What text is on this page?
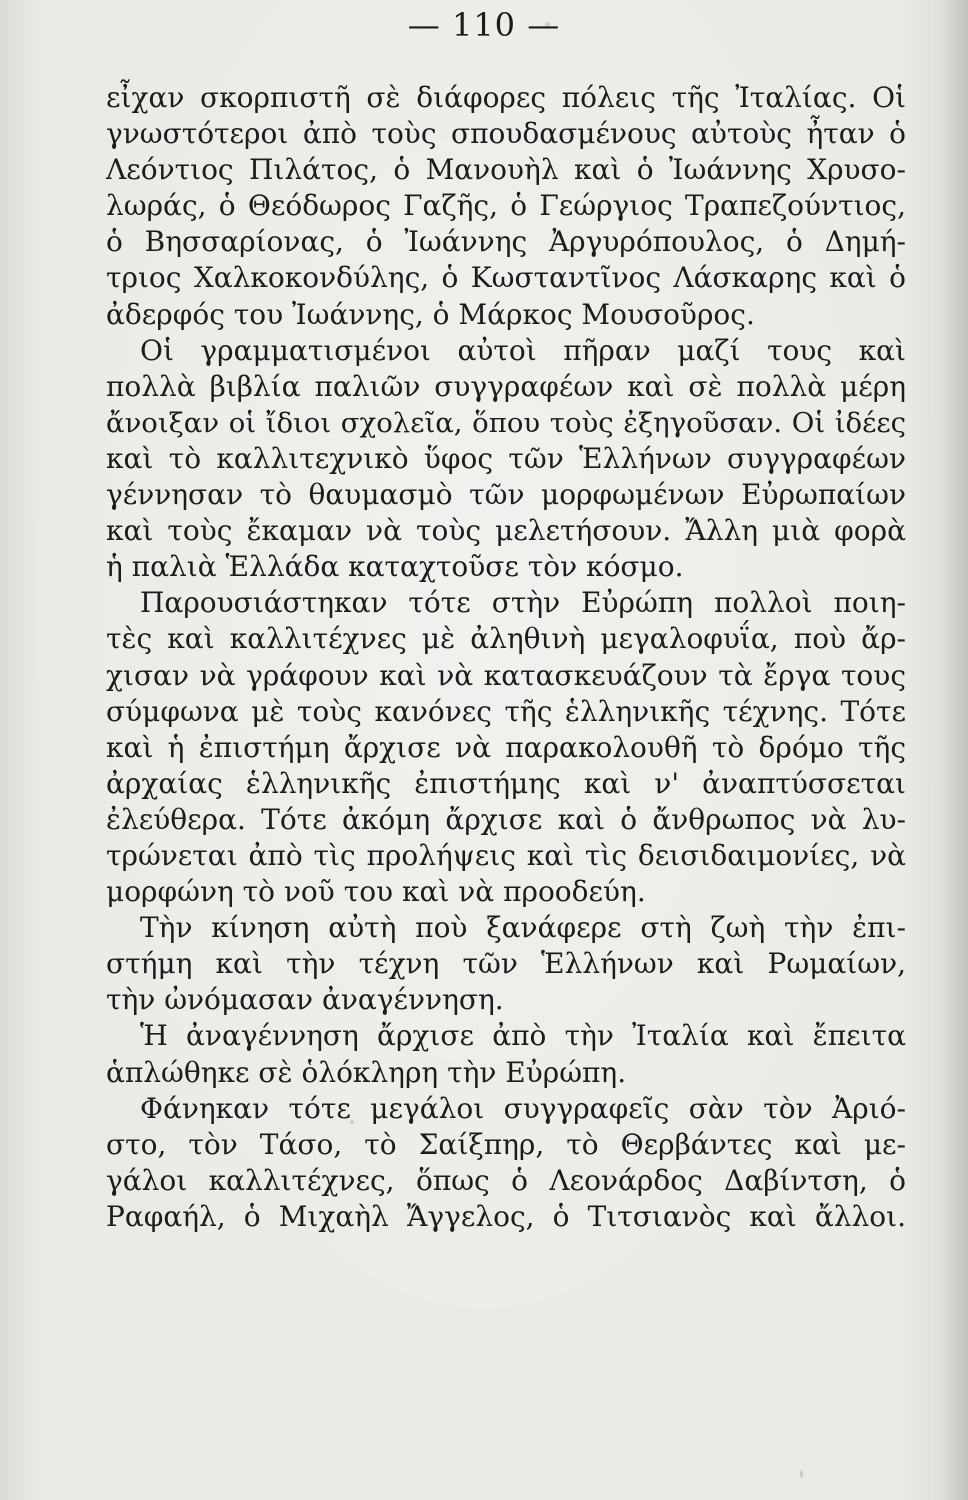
— 110 —
εἶχαν σκορπιστῆ σὲ διάφορες πόλεις τῆς Ἰταλίας. Οἱ
γνωστότεροι ἀπὸ τοὺς σπουδασμένους αὐτοὺς ἦταν ὁ
Λεόντιος Πιλάτος, ὁ Μανουὴλ καὶ ὁ Ἰωάννης Χρυσο-
λωράς, ὁ Θεόδωρος Γαζῆς, ὁ Γεώργιος Τραπεζούντιος,
ὁ Βησσαρίονας, ὁ Ἰωάννης Ἀργυρόπουλος, ὁ Δημή-
τριος Χαλκοκονδύλης, ὁ Κωσταντῖνος Λάσκαρης καὶ ὁ
ἀδερφός του Ἰωάννης, ὁ Μάρκος Μουσοῦρος.
Οἱ γραμματισμένοι αὐτοὶ πῆραν μαζί τους καὶ
πολλὰ βιβλία παλιῶν συγγραφέων καὶ σὲ πολλὰ μέρη
ἄνοιξαν οἱ ἴδιοι σχολεῖα, ὅπου τοὺς ἐξηγοῦσαν. Οἱ ἰδέες
καὶ τὸ καλλιτεχνικὸ ὕφος τῶν Ἑλλήνων συγγραφέων
γέννησαν τὸ θαυμασμὸ τῶν μορφωμένων Εὐρωπαίων
καὶ τοὺς ἔκαμαν νὰ τοὺς μελετήσουν. Ἄλλη μιὰ φορὰ
ἡ παλιὰ Ἑλλάδα καταχτοῦσε τὸν κόσμο.
Παρουσιάστηκαν τότε στὴν Εὐρώπη πολλοὶ ποιη-
τὲς καὶ καλλιτέχνες μὲ ἀληθινὴ μεγαλοφυΐα, ποὺ ἄρ-
χισαν νὰ γράφουν καὶ νὰ κατασκευάζουν τὰ ἔργα τους
σύμφωνα μὲ τοὺς κανόνες τῆς ἑλληνικῆς τέχνης. Τότε
καὶ ἡ ἐπιστήμη ἄρχισε νὰ παρακολουθῆ τὸ δρόμο τῆς
ἀρχαίας ἑλληνικῆς ἐπιστήμης καὶ ν' ἀναπτύσσεται
ἐλεύθερα. Τότε ἀκόμη ἄρχισε καὶ ὁ ἄνθρωπος νὰ λυ-
τρώνεται ἀπὸ τὶς προλήψεις καὶ τὶς δεισιδαιμονίες, νὰ
μορφώνη τὸ νοῦ του καὶ νὰ προοδεύη.
Τὴν κίνηση αὐτὴ ποὺ ξανάφερε στὴ ζωὴ τὴν ἐπι-
στήμη καὶ τὴν τέχνη τῶν Ἑλλήνων καὶ Ρωμαίων,
τὴν ὠνόμασαν ἀναγέννηση.
Ἡ ἀναγέννηση ἄρχισε ἀπὸ τὴν Ἰταλία καὶ ἔπειτα
ἁπλώθηκε σὲ ὁλόκληρη τὴν Εὐρώπη.
Φάνηκαν τότε μεγάλοι συγγραφεῖς σὰν τὸν Ἀριό-
στο, τὸν Τάσο, τὸ Σαίξπηρ, τὸ Θερβάντες καὶ με-
γάλοι καλλιτέχνες, ὅπως ὁ Λεονάρδος Δαβίντση, ὁ
Ραφαήλ, ὁ Μιχαὴλ Ἄγγελος, ὁ Τιτσιανὸς καὶ ἄλλοι.
